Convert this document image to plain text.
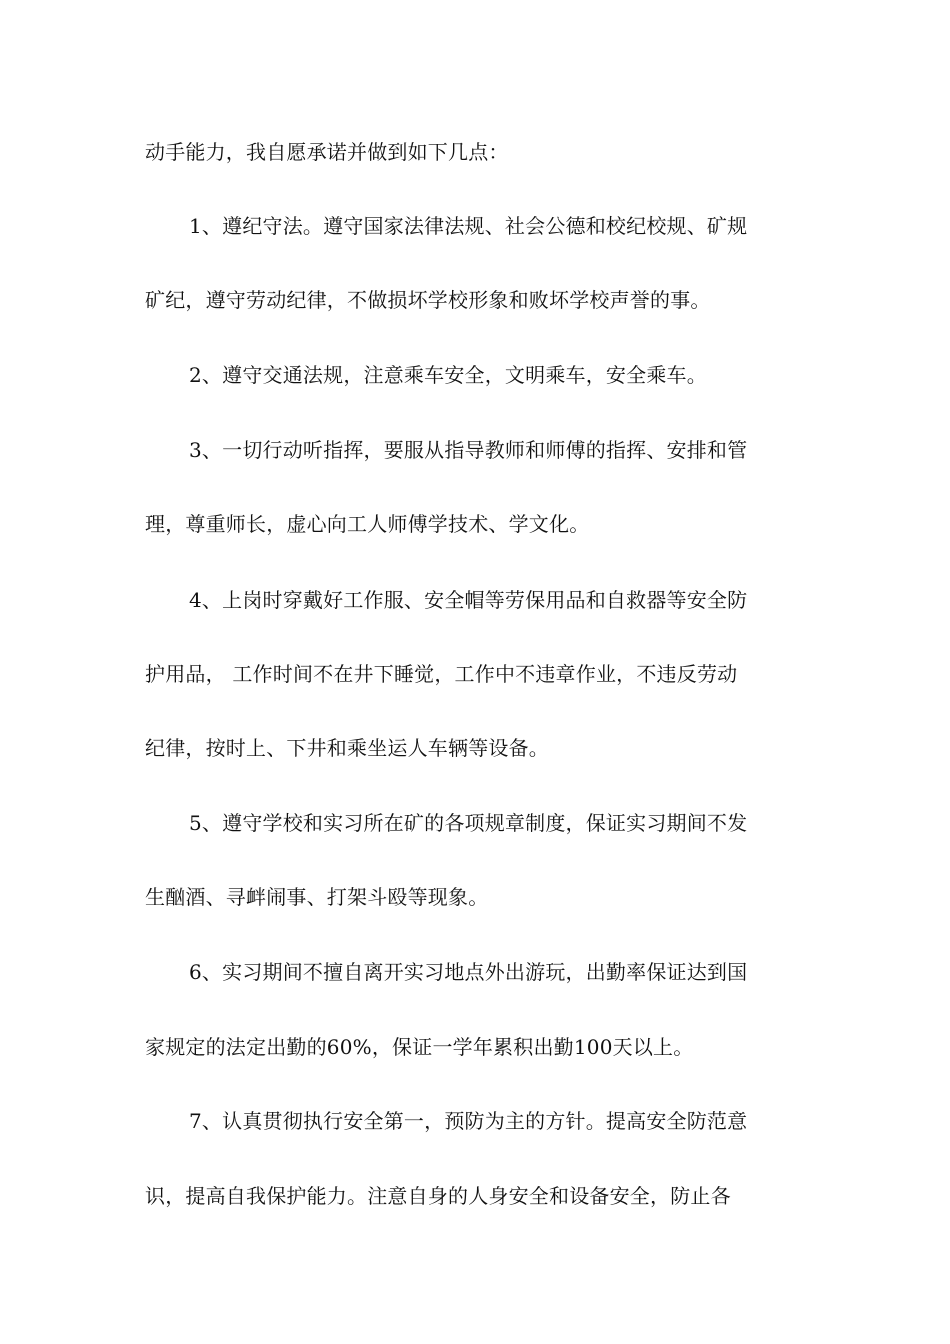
动手能力，我自愿承诺并做到如下几点：
1、遵纪守法。遵守国家法律法规、社会公德和校纪校规、矿规
矿纪，遵守劳动纪律，不做损坏学校形象和败坏学校声誉的事。
2、遵守交通法规，注意乘车安全，文明乘车，安全乘车。
3、一切行动听指挥，要服从指导教师和师傅的指挥、安排和管
理，尊重师长，虚心向工人师傅学技术、学文化。
4、上岗时穿戴好工作服、安全帽等劳保用品和自救器等安全防
护用品， 工作时间不在井下睡觉，工作中不违章作业，不违反劳动
纪律，按时上、下井和乘坐运人车辆等设备。
5、遵守学校和实习所在矿的各项规章制度，保证实习期间不发
生酗酒、寻衅闹事、打架斗殴等现象。
6、实习期间不擅自离开实习地点外出游玩，出勤率保证达到国
家规定的法定出勤的60%，保证一学年累积出勤100天以上。
7、认真贯彻执行安全第一，预防为主的方针。提高安全防范意
识，提高自我保护能力。注意自身的人身安全和设备安全，防止各
